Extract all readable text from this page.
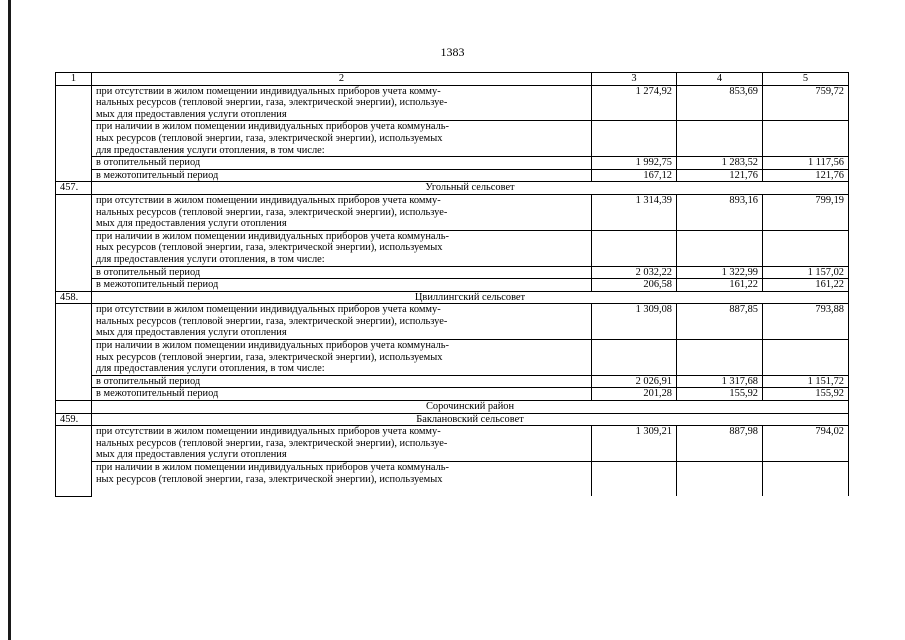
1383
1	2	3	4	5

	при отсутствии в жилом помещении индивидуальных приборов учета комму-
нальных ресурсов (тепловой энергии, газа, электрической энергии), используе-
мых для предоставления услуги отопления	1 274,92	853,69	759,72

	при наличии в жилом помещении индивидуальных приборов учета коммуналь-
ных ресурсов (тепловой энергии, газа, электрической энергии), используемых
для предоставления услуги отопления, в том числе:			

	в отопительный период	1 992,75	1 283,52	1 117,56
	в межотопительный период	167,12	121,76	121,76
457.	Угольный сельсовет			

	при отсутствии в жилом помещении индивидуальных приборов учета комму-
нальных ресурсов (тепловой энергии, газа, электрической энергии), используе-
мых для предоставления услуги отопления	1 314,39	893,16	799,19

	при наличии в жилом помещении индивидуальных приборов учета коммуналь-
ных ресурсов (тепловой энергии, газа, электрической энергии), используемых
для предоставления услуги отопления, в том числе:			

	в отопительный период	2 032,22	1 322,99	1 157,02
	в межотопительный период	206,58	161,22	161,22
458.	Цвиллингский сельсовет			

	при отсутствии в жилом помещении индивидуальных приборов учета комму-
нальных ресурсов (тепловой энергии, газа, электрической энергии), используе-
мых для предоставления услуги отопления	1 309,08	887,85	793,88

	при наличии в жилом помещении индивидуальных приборов учета коммуналь-
ных ресурсов (тепловой энергии, газа, электрической энергии), используемых
для предоставления услуги отопления, в том числе:			

	в отопительный период	2 026,91	1 317,68	1 151,72
	в межотопительный период	201,28	155,92	155,92
	Сорочинский район			
459.	Баклановский сельсовет			

	при отсутствии в жилом помещении индивидуальных приборов учета комму-
нальных ресурсов (тепловой энергии, газа, электрической энергии), используе-
мых для предоставления услуги отопления	1 309,21	887,98	794,02

	при наличии в жилом помещении индивидуальных приборов учета коммуналь-
ных ресурсов (тепловой энергии, газа, электрической энергии), используемых			
